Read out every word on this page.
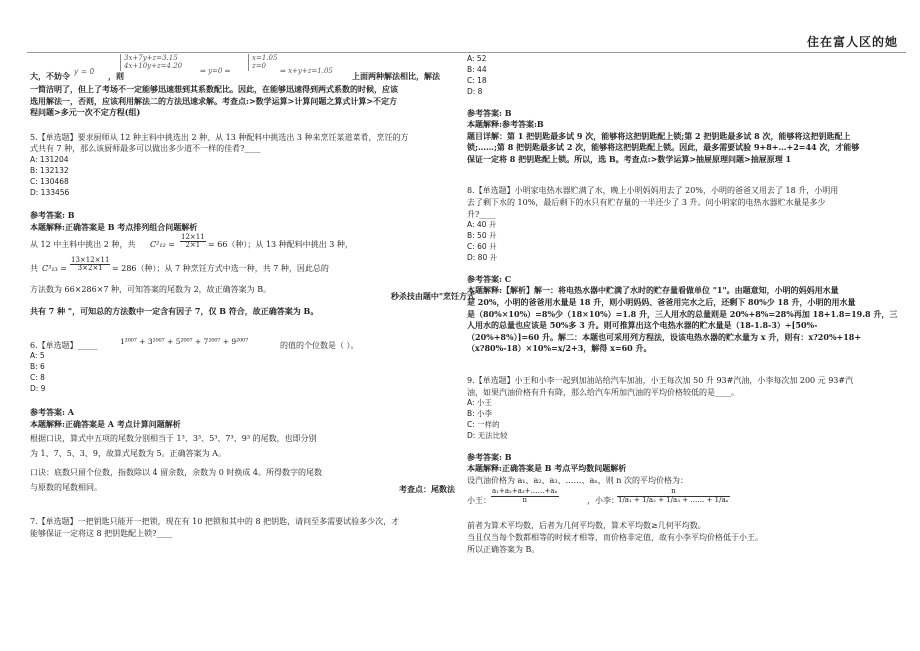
住在富人区的她
大，不妨令 y = 0 ，则
3x+7y+z=3.15
4x+10y+z=4.20
⇒ y=0 ⇒
x=1.05
z=0
⇒ x+y+z=1.05 上面两种解法相比，解法

一简洁明了，但上了考场不一定能够迅速想到其系数配比。因此，在能够迅速得到两式系数的时候，应该

选用解法一，否则，应该利用解法二的方法迅速求解。考查点:>数学运算>计算问题之算式计算>不定方

程问题>多元一次不定方程(组)

5.【单选题】要求厨师从 12 种主料中挑选出 2 种、从 13 种配料中挑选出 3 种来烹饪某道菜肴，烹饪的方

式共有 7 种，那么该厨师最多可以做出多少道不一样的佳肴?____

A: 131204

B: 132132

C: 130468

D: 133456

参考答案: B

本题解释:正确答案是 B 考点排列组合问题解析

从 12 中主料中挑出 2 种，共 $C^2_{12} = \frac{12\times 11}{2\times 1} = 66$（种）；从 13 种配料中挑出 3 种，
共 $C^3_{13} = \frac{13\times 12\times 11}{3\times 2\times 1} = 286$（种）；从 7 种烹饪方式中选一种，共 7 种，因此总的

方法数为 66×286×7 种，可知答案的尾数为 2，故正确答案为 B。

秒杀技由题中"烹饪方式

共有 7 种 "，可知总的方法数中一定含有因子 7，仅 B 符合，故正确答案为 B。

6.【单选题】_____	1²⁰⁰⁷ + 3²⁰⁰⁷ + 5²⁰⁰⁷ + 7²⁰⁰⁷ + 9²⁰⁰⁷	的值的个位数是（ ）。

A: 5

B: 6

C: 8

D: 9

参考答案: A

本题解释:正确答案是 A 考点计算问题解析

根据口诀，算式中五项的尾数分别相当于 1³、3³、5³、7³、9³ 的尾数，也即分别

为 1、7、5、3、9，故算式尾数为 5。正确答案为 A。

口诀：底数只留个位数，指数除以 4 留余数，余数为 0 时换成 4。所得数字的尾数

与原数的尾数相同。	考查点：尾数法

7.【单选题】一把钥匙只能开一把锁，现在有 10 把锁和其中的 8 把钥匙，请问至多需要试验多少次，才

能够保证一定将这 8 把钥匙配上锁?____

A: 52

B: 44

C: 18

D: 8

参考答案: B

本题解释:参考答案:B

题目详解：第 1 把钥匙最多试 9 次，能够将这把钥匙配上锁;第 2 把钥匙最多试 8 次，能够将这把钥匙配上

锁;……;第 8 把钥匙最多试 2 次，能够将这把钥匙配上锁。因此，最多需要试验 9+8+…+2=44 次，才能够

保证一定将 8 把钥匙配上锁。所以，选 B。考查点:>数学运算>抽屉原理问题>抽屉原理 1

8.【单选题】小明家电热水器贮满了水，晚上小明妈妈用去了 20%，小明的爸爸又用去了 18 升，小明用

去了剩下水的 10%，最后剩下的水只有贮存量的一半还少了 3 升。问小明家的电热水器贮水量是多少

升?____

A: 40 升

B: 50 升

C: 60 升

D: 80 升

参考答案: C

本题解释:【解析】解一：将电热水器中贮满了水时的贮存量看做单位 "1"。由题意知，小明的妈妈用水量

是 20%，小明的爸爸用水量是 18 升，则小明妈妈、爸爸用完水之后，还剩下 80%少 18 升，小明的用水量

是（80%×10%）=8%少（18×10%）=1.8 升，三人用水的总量则是 20%+8%=28%再加 18+1.8=19.8 升，三

人用水的总量也应该是 50%多 3 升。则可推算出这个电热水器的贮水量是（18-1.8-3）÷[50%-

（20%+8%）]=60 升。解二：本题也可采用列方程法，设该电热水器的贮水量为 x 升，则有：x?20%+18+

（x?80%-18）×10%=x/2+3，解得 x=60 升。

9.【单选题】小王和小李一起到加油站给汽车加油，小王每次加 50 升 93#汽油，小李每次加 200 元 93#汽

油，如果汽油价格有升有降，那么给汽车所加汽油的平均价格较低的是____。

A: 小王

B: 小李

C: 一样的

D: 无法比较

参考答案: B

本题解释:正确答案是 B 考点平均数问题解析

设汽油价格为 a₁、a₂、a₃、……、aₙ，则 n 次的平均价格为：

小王： $\frac{\text{a₁+a₂+a₃+……+aₙ}}{n}$	，小李：
$\frac{n}{\text{1/a₁ + 1/a₂ + 1/a₃ + …… + 1/aₙ}}$

前者为算术平均数，后者为几何平均数，算术平均数≥几何平均数。

当且仅当每个数都相等的时候才相等，而价格非定值，故有小李平均价格低于小王。

所以正确答案为 B。
